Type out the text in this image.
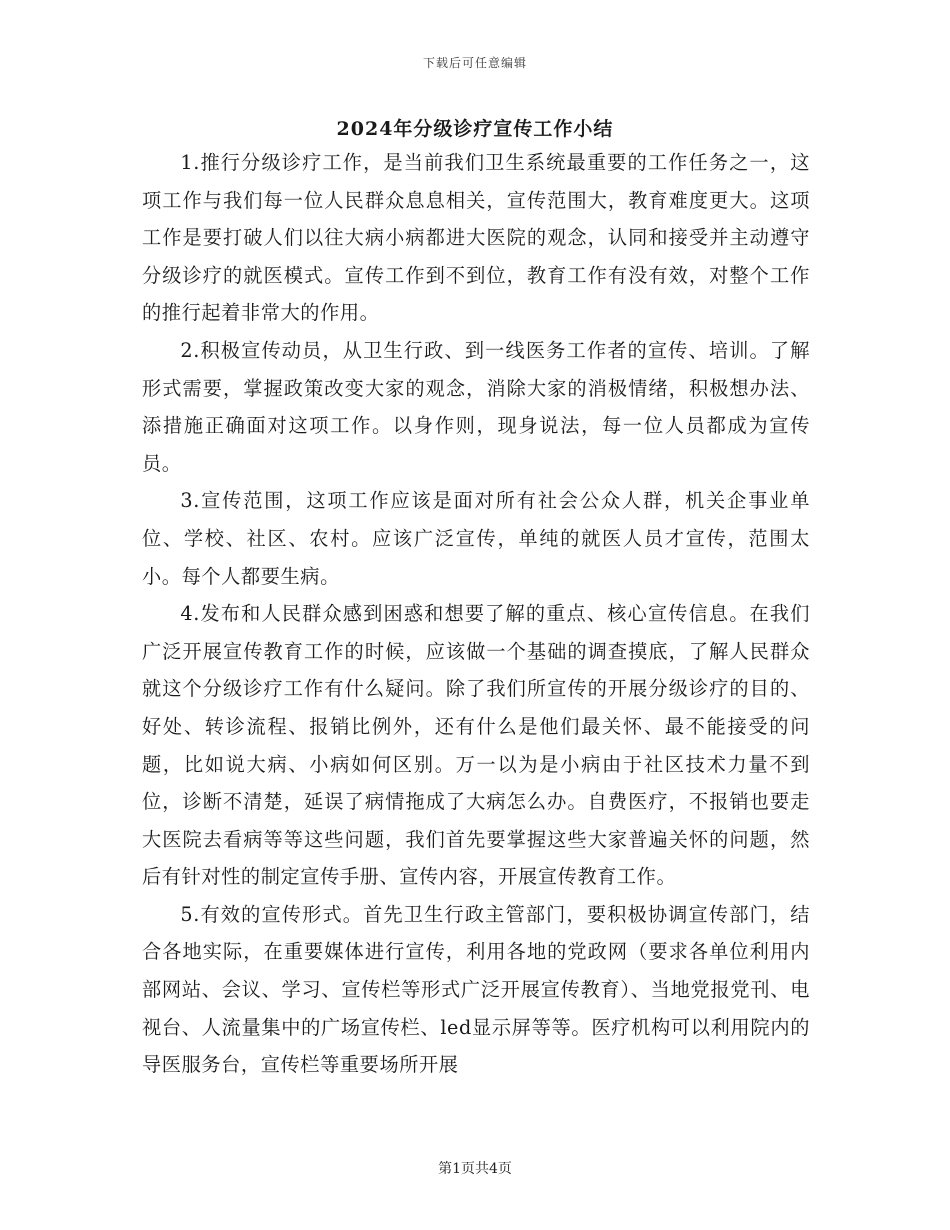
下载后可任意编辑
2024年分级诊疗宣传工作小结

1.推行分级诊疗工作，是当前我们卫生系统最重要的工作任务之一，这项工作与我们每一位人民群众息息相关，宣传范围大，教育难度更大。这项工作是要打破人们以往大病小病都进大医院的观念，认同和接受并主动遵守分级诊疗的就医模式。宣传工作到不到位，教育工作有没有效，对整个工作的推行起着非常大的作用。

2.积极宣传动员，从卫生行政、到一线医务工作者的宣传、培训。了解形式需要，掌握政策改变大家的观念，消除大家的消极情绪，积极想办法、添措施正确面对这项工作。以身作则，现身说法，每一位人员都成为宣传员。

3.宣传范围，这项工作应该是面对所有社会公众人群，机关企事业单位、学校、社区、农村。应该广泛宣传，单纯的就医人员才宣传，范围太小。每个人都要生病。

4.发布和人民群众感到困惑和想要了解的重点、核心宣传信息。在我们广泛开展宣传教育工作的时候，应该做一个基础的调查摸底，了解人民群众就这个分级诊疗工作有什么疑问。除了我们所宣传的开展分级诊疗的目的、好处、转诊流程、报销比例外，还有什么是他们最关怀、最不能接受的问题，比如说大病、小病如何区别。万一以为是小病由于社区技术力量不到位，诊断不清楚，延误了病情拖成了大病怎么办。自费医疗，不报销也要走大医院去看病等等这些问题，我们首先要掌握这些大家普遍关怀的问题，然后有针对性的制定宣传手册、宣传内容，开展宣传教育工作。

5.有效的宣传形式。首先卫生行政主管部门，要积极协调宣传部门，结合各地实际，在重要媒体进行宣传，利用各地的党政网（要求各单位利用内部网站、会议、学习、宣传栏等形式广泛开展宣传教育）、当地党报党刊、电视台、人流量集中的广场宣传栏、led显示屏等等。医疗机构可以利用院内的导医服务台，宣传栏等重要场所开展

第1页共4页
